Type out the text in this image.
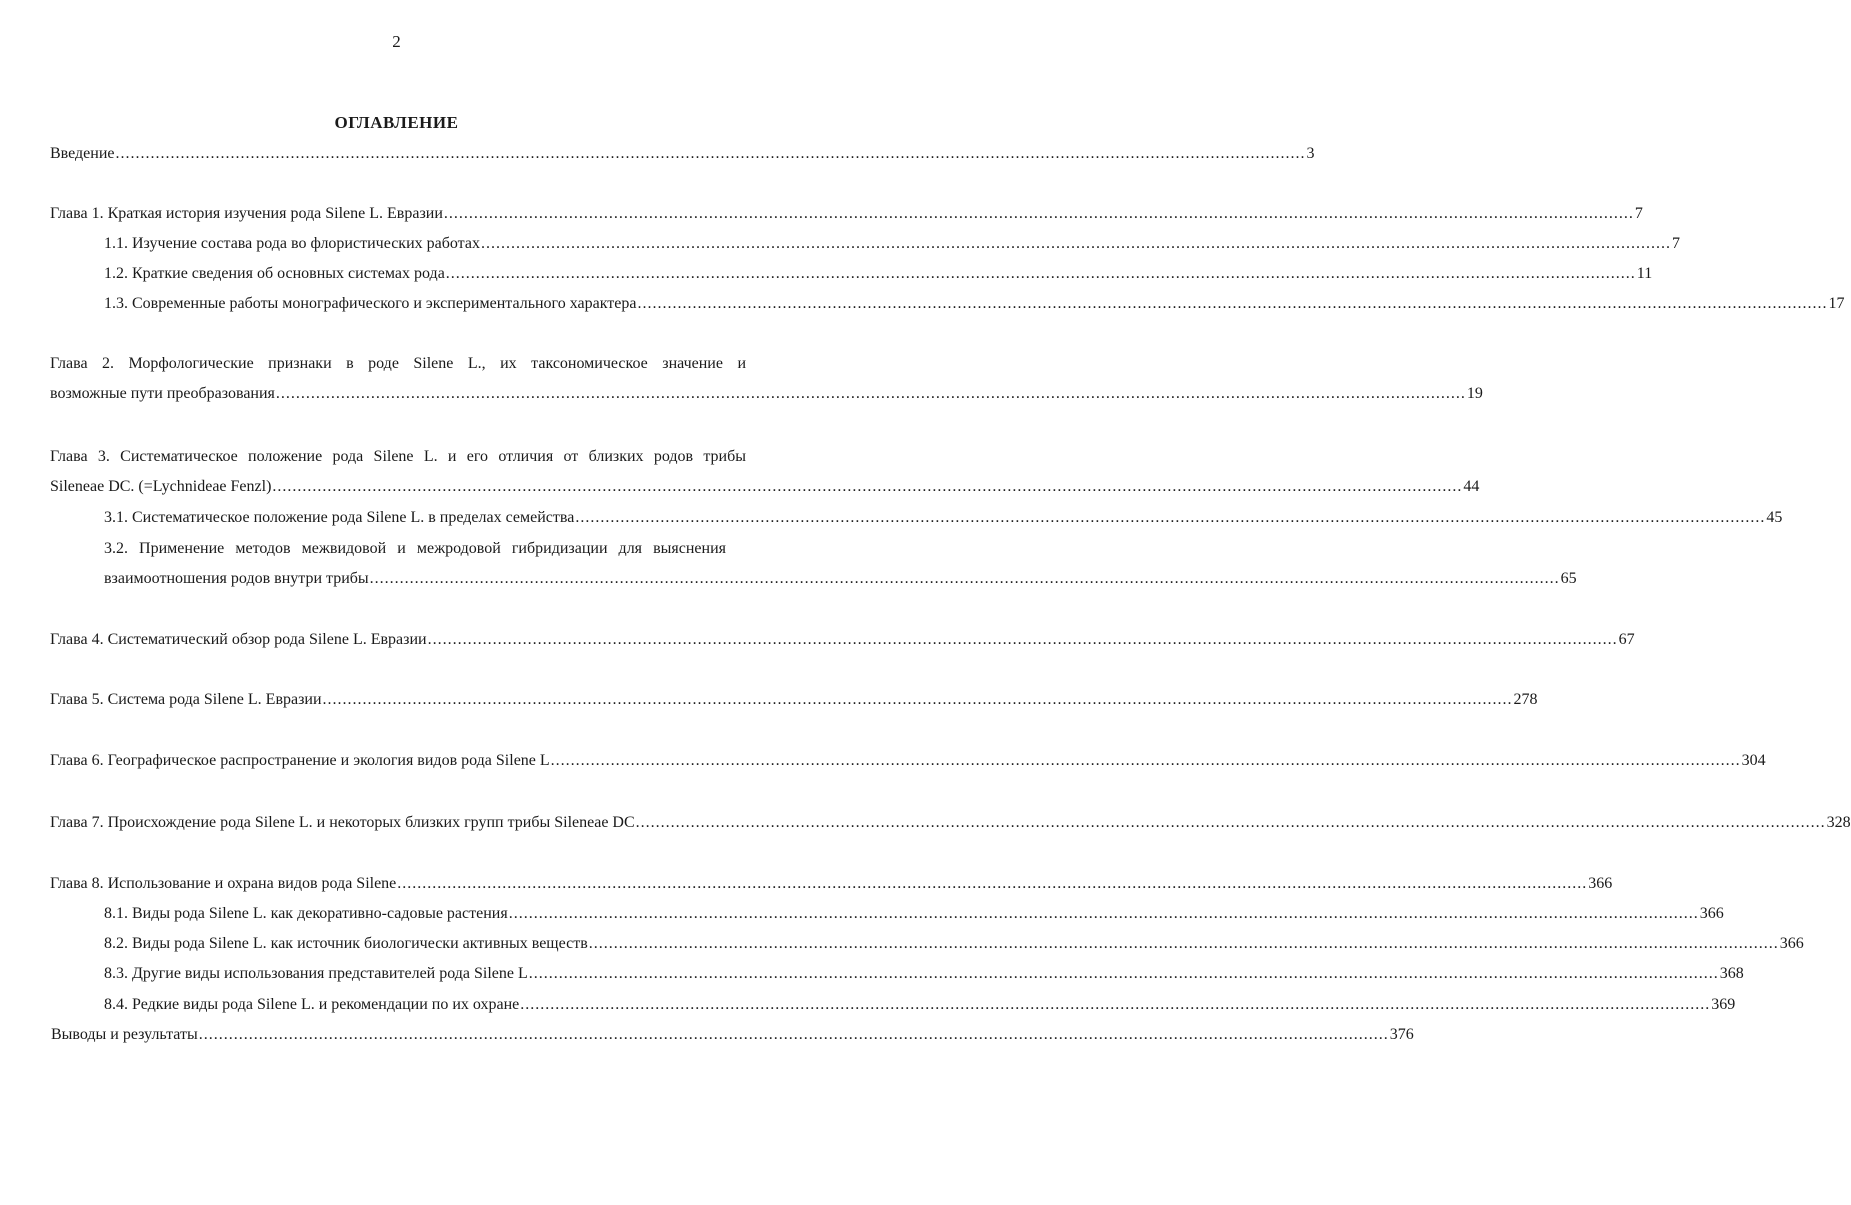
2
ОГЛАВЛЕНИЕ
Введение .............................................................................................................................................................................................................................................. 3
Глава 1. Краткая история изучения рода Silene L. Евразии .............................................................................................................................................................................................................................................. 7
1.1. Изучение состава рода во флористических работах .............................................................................................................................................................................................................................................. 7
1.2. Краткие сведения об основных системах рода .............................................................................................................................................................................................................................................. 11
1.3. Современные работы монографического и экспериментального характера .............................................................................................................................................................................................................................................. 17
Глава 2. Морфологические признаки в роде Silene L., их таксономическое значение и
возможные пути преобразования .............................................................................................................................................................................................................................................. 19
Глава 3. Систематическое положение рода Silene L. и его отличия от близких родов трибы
Sileneae DC. (=Lychnideae Fenzl) .............................................................................................................................................................................................................................................. 44
3.1. Систематическое положение рода Silene L. в пределах семейства .............................................................................................................................................................................................................................................. 45
3.2. Применение методов межвидовой и межродовой гибридизации для выяснения
взаимоотношения родов внутри трибы .............................................................................................................................................................................................................................................. 65
Глава 4. Систематический обзор рода Silene L. Евразии .............................................................................................................................................................................................................................................. 67
Глава 5. Система рода Silene L. Евразии .............................................................................................................................................................................................................................................. 278
Глава 6. Географическое распространение и экология видов рода Silene L .............................................................................................................................................................................................................................................. 304
Глава 7. Происхождение рода Silene L. и некоторых близких групп трибы Sileneae DC .............................................................................................................................................................................................................................................. 328
Глава 8. Использование и охрана видов рода Silene .............................................................................................................................................................................................................................................. 366
8.1. Виды рода Silene L. как декоративно-садовые растения .............................................................................................................................................................................................................................................. 366
8.2. Виды рода Silene L. как источник биологически активных веществ .............................................................................................................................................................................................................................................. 366
8.3. Другие виды использования представителей рода Silene L .............................................................................................................................................................................................................................................. 368
8.4. Редкие виды рода Silene L. и рекомендации по их охране .............................................................................................................................................................................................................................................. 369
Выводы и результаты .............................................................................................................................................................................................................................................. 376
